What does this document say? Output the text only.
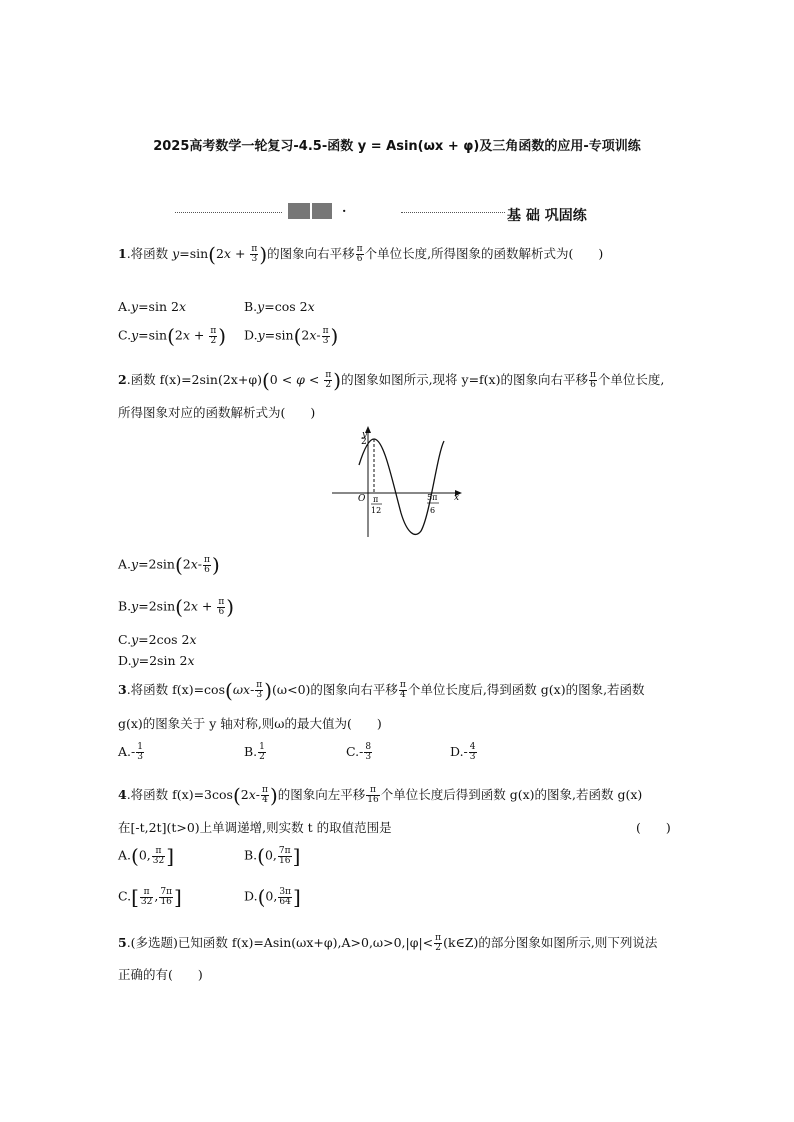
2025高考数学一轮复习-4.5-函数 y = Asin(ωx + φ)及三角函数的应用-专项训练
·	基 础 巩固练
1.将函数 $y=\sin(2x + \frac{\pi}{3}$ )的图象向右平移 $\frac{\pi}{6}$ 个单位长度,所得图象的函数解析式为(　　)
A.y=sin 2x	B.y=cos 2x
$C.y=\sin(2x + \frac{\pi}{2}$ ) $D.y=\sin(2x- \frac{\pi}{3}$ )
2.函数 $f(x)=2\sin(2x+\varphi)(0 < \varphi < \frac{\pi}{2}$ )的图象如图所示,现将 y=f(x)的图象向右平移 $\frac{\pi}{6}$ 个单位长度,
所得图象对应的函数解析式为(　　)
y
x
O
2
π
12
5π
6
$A.y=2\sin(2x- \frac{\pi}{6}$ )
$B.y=2\sin(2x + \frac{\pi}{6}$ )
C.y=2cos 2x
D.y=2sin 2x
3.将函数 $f(x)=\cos(\omega x- \frac{\pi}{3} )(\omega<0)$的图象向右平移 $\frac{\pi}{4}$ 个单位长度后,得到函数 g(x)的图象,若函数
g(x)的图象关于 y 轴对称,则ω的最大值为(　　)
$A.- \frac{1}{3}$	B. $\frac{1}{2}$	$C.- \frac{8}{3}$	$D.- \frac{4}{3}$
4.将函数 $f(x)=3\cos(2x- \frac{\pi}{4}$ )的图象向左平移 $\frac{\pi}{16}$ 个单位长度后得到函数 g(x)的图象,若函数 g(x)
在[-t,2t](t>0)上单调递增,则实数 t 的取值范围是	(　　)
A.(0, $\frac{\pi}{32}$ ]	B.(0, $\frac{7\pi}{16}$ ]
$C.[ \frac{\pi}{32}$ , $\frac{7\pi}{16}$ ]	D.(0, $\frac{3\pi}{64}$ ]
5.(多选题)已知函数 $f(x)=Asin(\omega x+\varphi),A>0,\omega>0,|\varphi|< \frac{\pi}{2}$ (k∈Z)的部分图象如图所示,则下列说法
正确的有(　　)
